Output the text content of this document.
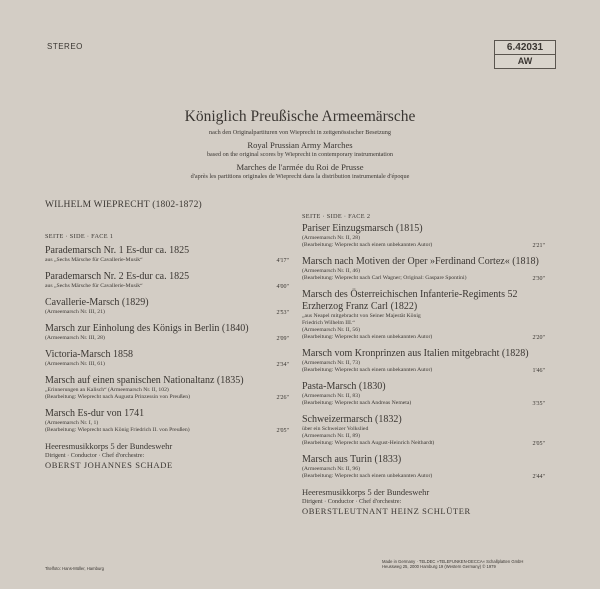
STEREO	6.42031
AW
Königlich Preußische Armeemärsche
nach den Originalpartituren von Wieprecht in zeitgenössischer Besetzung
Royal Prussian Army Marches
based on the original scores by Wieprecht in contemporary instrumentation
Marches de l'armée du Roi de Prusse
d'après les partitions originales de Wieprecht dans la distribution instrumentale d'époque
WILHELM WIEPRECHT (1802-1872)
SEITE · SIDE · FACE 1
Parademarsch Nr. 1 Es-dur ca. 1825
aus „Sechs Märsche für Cavallerie-Musik“	4'17"
Parademarsch Nr. 2 Es-dur ca. 1825
aus „Sechs Märsche für Cavallerie-Musik“	4'00"
Cavallerie-Marsch (1829)
(Armeemarsch Nr. III, 21)	2'53"
Marsch zur Einholung des Königs in Berlin (1840)
(Armeemarsch Nr. III, 28)	2'09"
Victoria-Marsch 1858
(Armeemarsch Nr. III, 61)	2'34"
Marsch auf einen spanischen Nationaltanz (1835)
„Erinnerungen an Kalisch“ (Armeemarsch Nr. II, 102)
(Bearbeitung: Wieprecht nach Augusta Prinzessin von Preußen)	2'26"
Marsch Es-dur von 1741
(Armeemarsch Nr. I, 1)
(Bearbeitung: Wieprecht nach König Friedrich II. von Preußen)	2'05"
Heeresmusikkorps 5 der Bundeswehr
Dirigent · Conductor · Chef d'orchestre:
OBERST JOHANNES SCHADE
SEITE · SIDE · FACE 2
Pariser Einzugsmarsch (1815)
(Armeemarsch Nr. II, 28)
(Bearbeitung: Wieprecht nach einem unbekannten Autor)	2'21"
Marsch nach Motiven der Oper »Ferdinand Cortez« (1818)
(Armeemarsch Nr. II, 46)
(Bearbeitung: Wieprecht nach Carl Wagner; Original: Gaspare Spontini)	2'30"
Marsch des Österreichischen Infanterie-Regiments 52 Erzherzog Franz Carl (1822)
„aus Neapel mitgebracht von Seiner Majestät König
Friedrich Wilhelm III.“
(Armeemarsch Nr. II, 56)
(Bearbeitung: Wieprecht nach einem unbekannten Autor)	2'20"
Marsch vom Kronprinzen aus Italien mitgebracht (1828)
(Armeemarsch Nr. II, 73)
(Bearbeitung: Wieprecht nach einem unbekannten Autor)	1'46"
Pasta-Marsch (1830)
(Armeemarsch Nr. II, 83)
(Bearbeitung: Wieprecht nach Andreas Nemeta)	3'35"
Schweizermarsch (1832)
über ein Schweizer Volkslied
(Armeemarsch Nr. II, 89)
(Bearbeitung: Wieprecht nach August-Heinrich Neithardt)	2'05"
Marsch aus Turin (1833)
(Armeemarsch Nr. II, 96)
(Bearbeitung: Wieprecht nach einem unbekannten Autor)	2'44"
Heeresmusikkorps 5 der Bundeswehr
Dirigent · Conductor · Chef d'orchestre:
OBERSTLEUTNANT HEINZ SCHLÜTER
Titelfoto: Hans-Müller, Hamburg
Made in Germany · TELDEC »TELEFUNKEN-DECCA« Schallplatten GmbH
Heussweg 25, 2000 Hamburg 19 (Western Germany) © 1979
